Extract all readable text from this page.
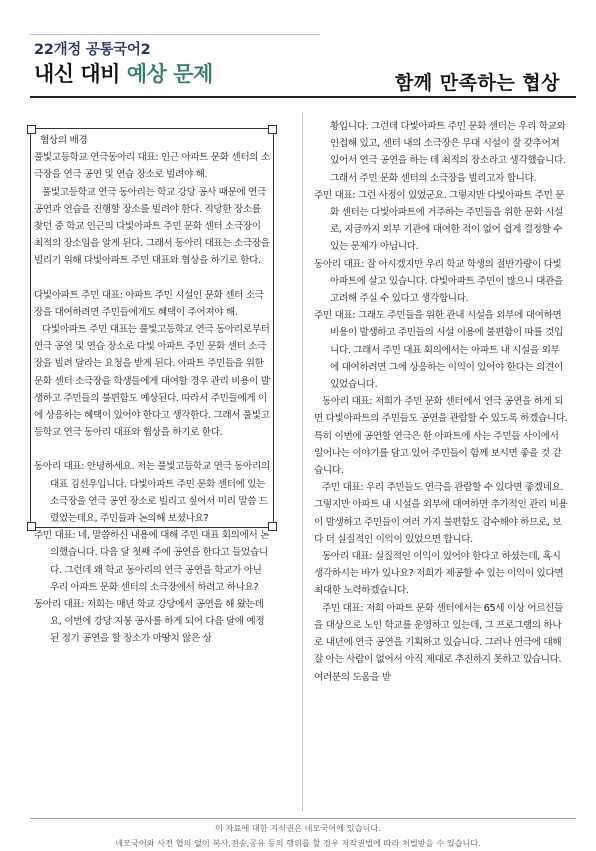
22개정 공통국어2
내신 대비 예상 문제	함께 만족하는 협상

협상의 배경

풀빛고등학교 연극동아리 대표: 인근 아파트 문화 센터의 소극장을 연극 공연 및 연습 장소로 빌려야 해.

풀빛고등학교 연극 동아리는 학교 강당 공사 때문에 연극 공연과 연습을 진행할 장소를 빌려야 한다. 적당한 장소를 찾던 중 학교 인근의 다빛아파트 주민 문화 센터 소극장이 최적의 장소임을 알게 된다. 그래서 동아리 대표는 소극장을 빌리기 위해 다빛아파트 주민 대표와 협상을 하기로 한다.

다빛아파트 주민 대표: 아파트 주민 시설인 문화 센터 소극장을 대여하려면 주민들에게도 혜택이 주어져야 해.

다빛아파트 주민 대표는 풀빛고등학교 연극 동아리로부터 연극 공연 및 연습 장소로 다빛 아파트 주민 문화 센터 소극장을 빌려 달라는 요청을 받게 된다. 아파트 주민들을 위한 문화 센터 소극장을 학생들에게 대여할 경우 관리 비용이 발생하고 주민들의 불편함도 예상된다. 따라서 주민들에게 이에 상응하는 혜택이 있어야 한다고 생각한다. 그래서 풀빛고등학교 연극 동아리 대표와 협상을 하기로 한다.

동아리 대표: 안녕하세요. 저는 풀빛고등학교 연극 동아리의 대표 김선우입니다. 다빛아파트 주민 문화 센터에 있는 소극장을 연극 공연 장소로 빌리고 싶어서 미리 말씀 드렸었는데요, 주민들과 논의해 보셨나요?

주민 대표: 네, 말씀하신 내용에 대해 주민 대표 회의에서 논의했습니다. 다음 달 첫째 주에 공연을 한다고 들었습니다. 그런데 왜 학교 동아리의 연극 공연을 학교가 아닌 우리 아파트 문화 센터의 소극장에서 하려고 하나요?

동아리 대표: 저희는 매년 학교 강당에서 공연을 해 왔는데요, 이번에 강당 지붕 공사를 하게 되어 다음 달에 예정된 정기 공연을 할 장소가 마땅치 않은 상

황입니다. 그런데 다빛아파트 주민 문화 센터는 우리 학교와 인접해 있고, 센터 내의 소극장은 무대 시설이 잘 갖추어져 있어서 연극 공연을 하는 데 최적의 장소라고 생각했습니다. 그래서 주민 문화 센터의 소극장을 빌리고자 합니다.

주민 대표: 그런 사정이 있었군요. 그렇지만 다빛아파트 주민 문화 센터는 다빛아파트에 거주하는 주민들을 위한 문화 시설로, 지금까지 외부 기관에 대여한 적이 없어 쉽게 결정할 수 있는 문제가 아닙니다.

동아리 대표: 잘 아시겠지만 우리 학교 학생의 절반가량이 다빛아파트에 살고 있습니다. 다빛아파트 주민이 많으니 대관을 고려해 주실 수 있다고 생각합니다.

주민 대표: 그래도 주민들을 위한 관내 시설을 외부에 대여하면 비용이 발생하고 주민들의 시설 이용에 불편함이 따를 것입니다. 그래서 주민 대표 회의에서는 아파트 내 시설을 외부에 대여하려면 그에 상응하는 이익이 있어야 한다는 의견이 있었습니다.

동아리 대표: 저희가 주민 문화 센터에서 연극 공연을 하게 되면 다빛아파트의 주민들도 공연을 관람할 수 있도록 하겠습니다. 특히 이번에 공연할 연극은 한 아파트에 사는 주민들 사이에서 일어나는 이야기를 담고 있어 주민들이 함께 보시면 좋을 것 같습니다.

주민 대표: 우리 주민들도 연극을 관람할 수 있다면 좋겠네요. 그렇지만 아파트 내 시설을 외부에 대여하면 추가적인 관리 비용이 발생하고 주민들이 여러 가지 불편함도 감수해야 하므로, 보다 더 실질적인 이익이 있었으면 합니다.

동아리 대표: 실질적인 이익이 있어야 한다고 하셨는데, 혹시 생각하시는 바가 있나요? 저희가 제공할 수 있는 이익이 있다면 최대한 노력하겠습니다.

주민 대표: 저희 아파트 문화 센터에서는 65세 이상 어르신들을 대상으로 노인 학교를 운영하고 있는데, 그 프로그램의 하나로 내년에 연극 공연을 기획하고 있습니다. 그러나 연극에 대해 잘 아는 사람이 없어서 아직 제대로 추진하지 못하고 있습니다. 여러분의 도움을 받

이 자료에 대한 지식권은 네모국어에 있습니다.
네모국어와 사전 협의 없이 복사,전송,공유 등의 행위를 할 경우 저작권법에 따라 처벌받을 수 있습니다.
